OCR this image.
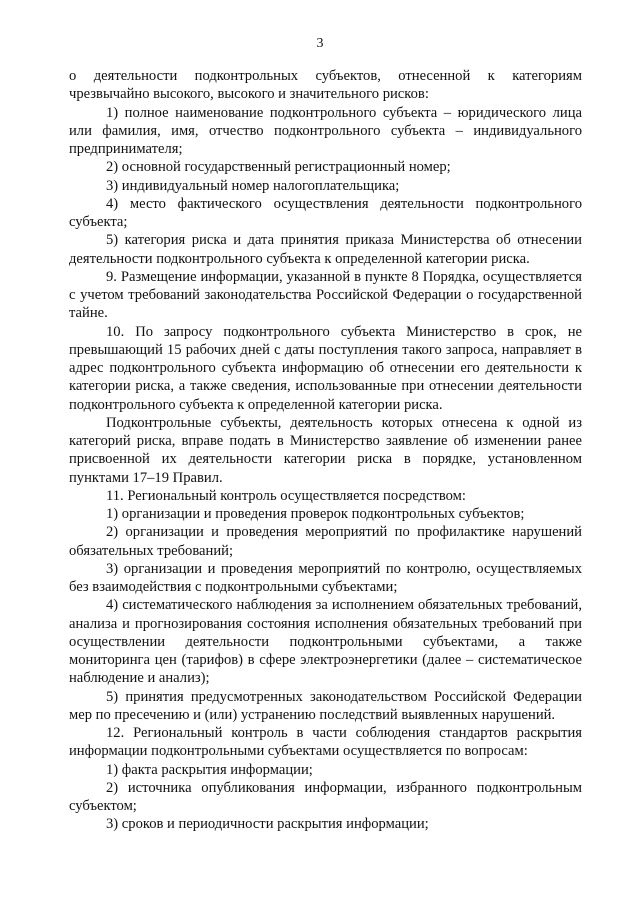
3

о деятельности подконтрольных субъектов, отнесенной к категориям чрезвычайно высокого, высокого и значительного рисков:

1) полное наименование подконтрольного субъекта – юридического лица или фамилия, имя, отчество подконтрольного субъекта – индивидуального предпринимателя;

2) основной государственный регистрационный номер;

3) индивидуальный номер налогоплательщика;

4) место фактического осуществления деятельности подконтрольного субъекта;

5) категория риска и дата принятия приказа Министерства об отнесении деятельности подконтрольного субъекта к определенной категории риска.

9. Размещение информации, указанной в пункте 8 Порядка, осуществляется с учетом требований законодательства Российской Федерации о государственной тайне.

10. По запросу подконтрольного субъекта Министерство в срок, не превышающий 15 рабочих дней с даты поступления такого запроса, направляет в адрес подконтрольного субъекта информацию об отнесении его деятельности к категории риска, а также сведения, использованные при отнесении деятельности подконтрольного субъекта к определенной категории риска.

Подконтрольные субъекты, деятельность которых отнесена к одной из категорий риска, вправе подать в Министерство заявление об изменении ранее присвоенной их деятельности категории риска в порядке, установленном пунктами 17–19 Правил.

11. Региональный контроль осуществляется посредством:

1) организации и проведения проверок подконтрольных субъектов;

2) организации и проведения мероприятий по профилактике нарушений обязательных требований;

3) организации и проведения мероприятий по контролю, осуществляемых без взаимодействия с подконтрольными субъектами;

4) систематического наблюдения за исполнением обязательных требований, анализа и прогнозирования состояния исполнения обязательных требований при осуществлении деятельности подконтрольными субъектами, а также мониторинга цен (тарифов) в сфере электроэнергетики (далее – систематическое наблюдение и анализ);

5) принятия предусмотренных законодательством Российской Федерации мер по пресечению и (или) устранению последствий выявленных нарушений.

12. Региональный контроль в части соблюдения стандартов раскрытия информации подконтрольными субъектами осуществляется по вопросам:

1) факта раскрытия информации;

2) источника опубликования информации, избранного подконтрольным субъектом;

3) сроков и периодичности раскрытия информации;
